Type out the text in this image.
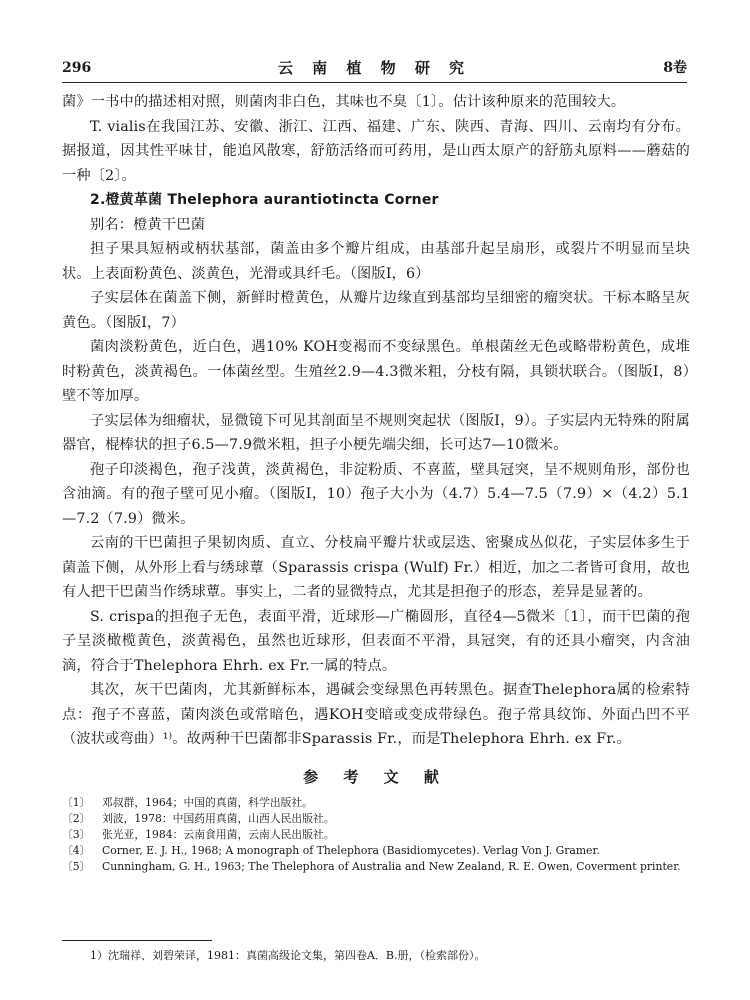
296	云 南 植 物 研 究	8卷

菌》一书中的描述相对照，则菌肉非白色，其味也不臭〔1〕。估计该种原来的范围较大。

T. vialis在我国江苏、安徽、浙江、江西、福建、广东、陕西、青海、四川、云南均有分布。据报道，因其性平味甘，能追风散寒，舒筋活络而可药用，是山西太原产的舒筋丸原料——蘑菇的一种〔2〕。

2.橙黄革菌 Thelephora aurantiotincta Corner

别名：橙黄干巴菌

担子果具短柄或柄状基部，菌盖由多个瓣片组成，由基部升起呈扇形，或裂片不明显而呈块状。上表面粉黄色、淡黄色，光滑或具纤毛。（图版Ⅰ，6）

子实层体在菌盖下侧，新鲜时橙黄色，从瓣片边缘直到基部均呈细密的瘤突状。干标本略呈灰黄色。（图版Ⅰ，7）

菌肉淡粉黄色，近白色，遇10% KOH变褐而不变绿黑色。单根菌丝无色或略带粉黄色，成堆时粉黄色，淡黄褐色。一体菌丝型。生殖丝2.9—4.3微米粗，分枝有隔，具锁状联合。（图版Ⅰ，8）壁不等加厚。

子实层体为细瘤状，显微镜下可见其剖面呈不规则突起状（图版Ⅰ，9）。子实层内无特殊的附属器官，棍棒状的担子6.5—7.9微米粗，担子小梗先端尖细，长可达7—10微米。

孢子印淡褐色，孢子浅黄，淡黄褐色，非淀粉质、不喜蓝，壁具冠突，呈不规则角形，部份也含油滴。有的孢子壁可见小瘤。（图版Ⅰ，10）孢子大小为（4.7）5.4—7.5（7.9）×（4.2）5.1—7.2（7.9）微米。

云南的干巴菌担子果韧肉质、直立、分枝扁平瓣片状或层迭、密聚成丛似花，子实层体多生于菌盖下侧，从外形上看与绣球蕈（Sparassis crispa (Wulf) Fr.）相近，加之二者皆可食用，故也有人把干巴菌当作绣球蕈。事实上，二者的显微特点，尤其是担孢子的形态，差异是显著的。

S. crispa的担孢子无色，表面平滑，近球形—广椭圆形，直径4—5微米〔1〕，而干巴菌的孢子呈淡橄榄黄色，淡黄褐色，虽然也近球形，但表面不平滑，具冠突，有的还具小瘤突，内含油滴，符合于Thelephora Ehrh. ex Fr.一属的特点。

其次，灰干巴菌肉，尤其新鲜标本，遇碱会变绿黑色再转黑色。据查Thelephora属的检索特点：孢子不喜蓝，菌肉淡色或常暗色，遇KOH变暗或变成带绿色。孢子常具纹饰、外面凸凹不平（波状或弯曲）¹⁾。故两种干巴菌都非Sparassis Fr.，而是Thelephora Ehrh. ex Fr.。

参 考 文 献
〔1〕	邓叔群，1964；中国的真菌，科学出版社。
〔2〕	刘波，1978：中国药用真菌，山西人民出版社。
〔3〕	张光亚，1984：云南食用菌，云南人民出版社。
〔4〕	Corner, E. J. H., 1968; A monograph of Thelephora (Basidiomycetes). Verlag Von J. Gramer.
〔5〕	Cunningham, G. H., 1963; The Thelephora of Australia and New Zealand, R. E. Owen, Coverment printer.
1）沈瑞祥、刘碧荣译，1981：真菌高级论文集，第四卷A．B.册，（检索部份）。
